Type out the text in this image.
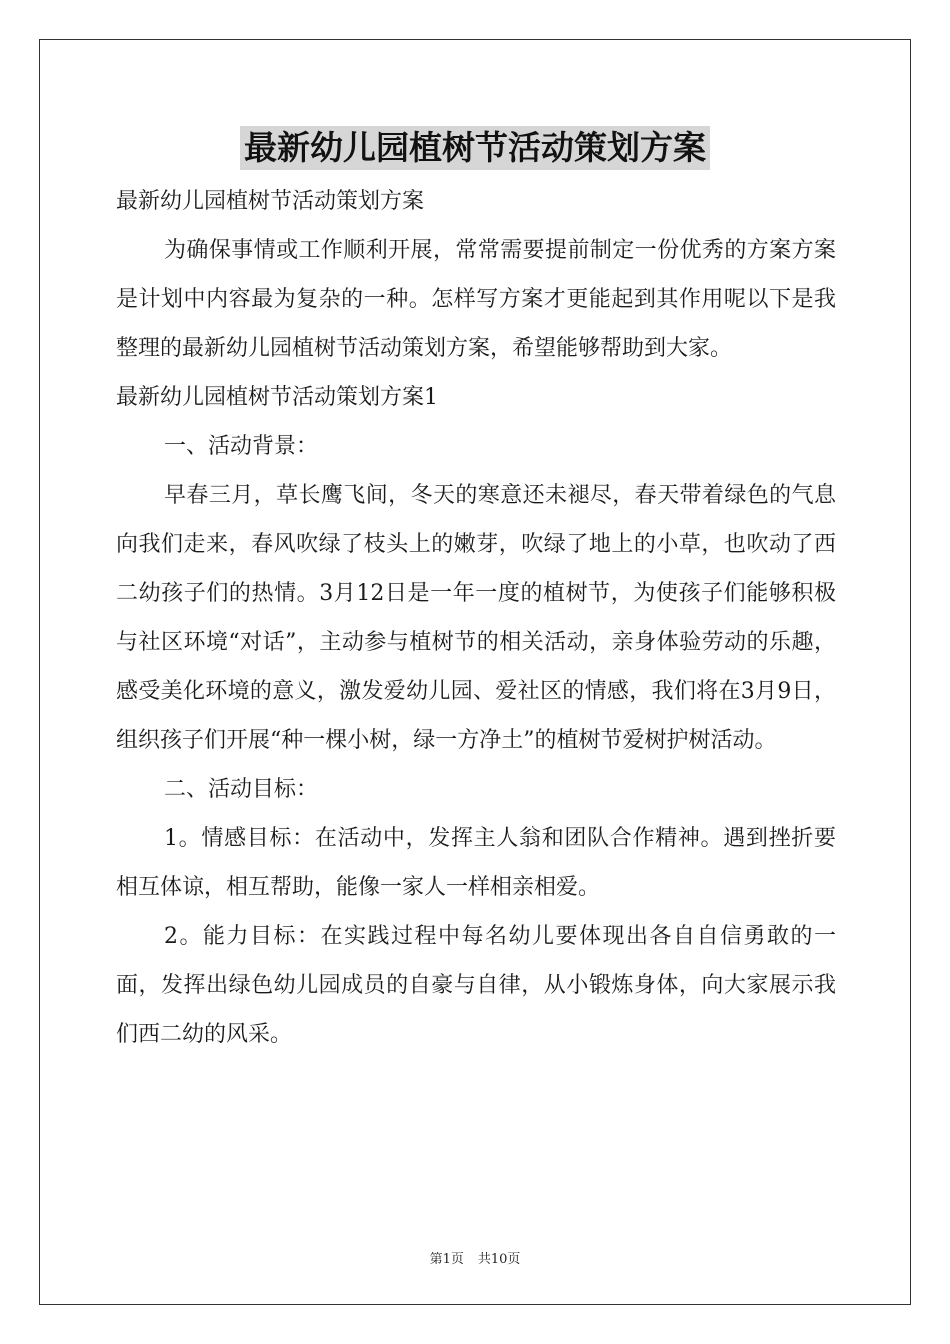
最新幼儿园植树节活动策划方案

最新幼儿园植树节活动策划方案

为确保事情或工作顺利开展，常常需要提前制定一份优秀的方案方案是计划中内容最为复杂的一种。怎样写方案才更能起到其作用呢以下是我整理的最新幼儿园植树节活动策划方案，希望能够帮助到大家。

最新幼儿园植树节活动策划方案1

一、活动背景：

早春三月，草长鹰飞间，冬天的寒意还未褪尽，春天带着绿色的气息向我们走来，春风吹绿了枝头上的嫩芽，吹绿了地上的小草，也吹动了西二幼孩子们的热情。3月12日是一年一度的植树节，为使孩子们能够积极与社区环境“对话”，主动参与植树节的相关活动，亲身体验劳动的乐趣，感受美化环境的意义，激发爱幼儿园、爱社区的情感，我们将在3月9日，组织孩子们开展“种一棵小树，绿一方净土”的植树节爱树护树活动。

二、活动目标：

1。情感目标：在活动中，发挥主人翁和团队合作精神。遇到挫折要相互体谅，相互帮助，能像一家人一样相亲相爱。

2。能力目标：在实践过程中每名幼儿要体现出各自自信勇敢的一面，发挥出绿色幼儿园成员的自豪与自律，从小锻炼身体，向大家展示我们西二幼的风采。

第1页 共10页
